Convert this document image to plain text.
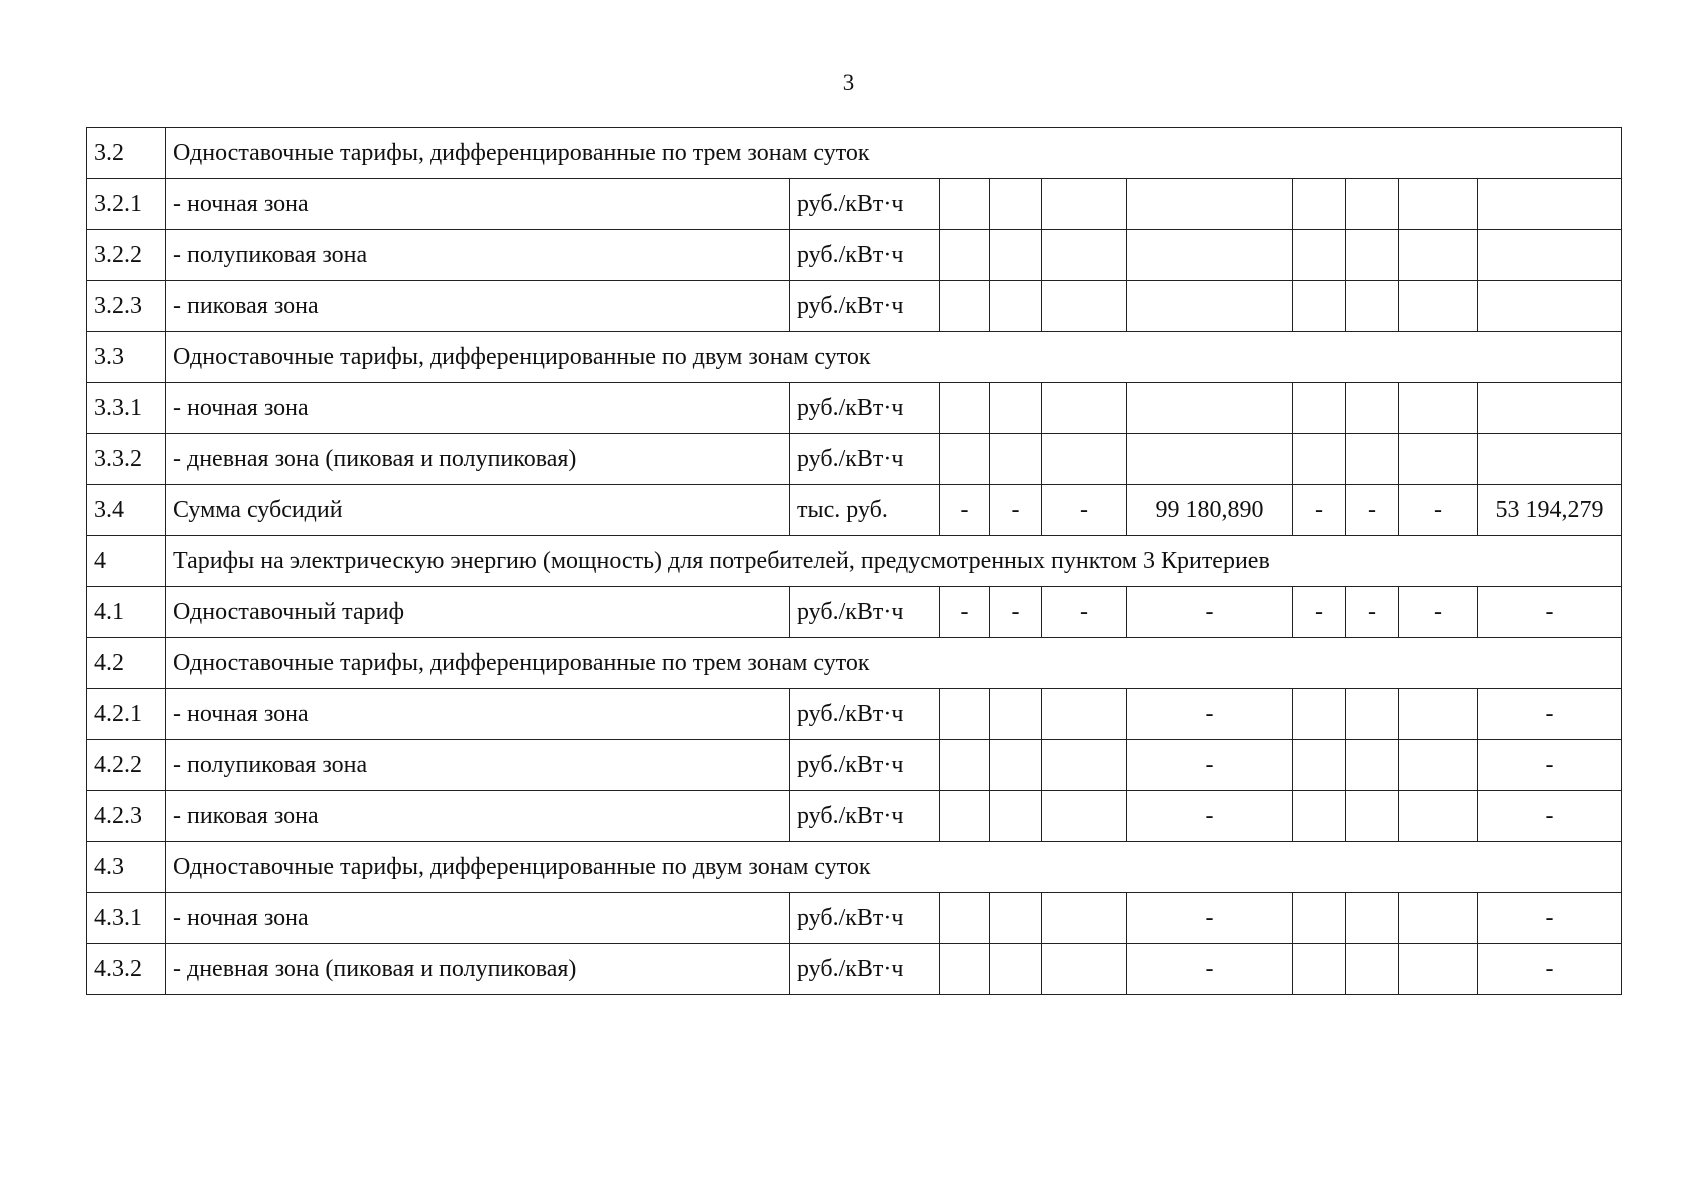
3
3.2	Одноставочные тарифы, дифференцированные по трем зонам суток									
3.2.1	- ночная зона	руб./кВт·ч								
3.2.2	- полупиковая зона	руб./кВт·ч								
3.2.3	- пиковая зона	руб./кВт·ч								
3.3	Одноставочные тарифы, дифференцированные по двум зонам суток									
3.3.1	- ночная зона	руб./кВт·ч								
3.3.2	- дневная зона (пиковая и полупиковая)	руб./кВт·ч								
3.4	Сумма субсидий	тыс. руб.	-	-	-	99 180,890	-	-	-	53 194,279
4	Тарифы на электрическую энергию (мощность) для потребителей, предусмотренных пунктом 3 Критериев									
4.1	Одноставочный тариф	руб./кВт·ч	-	-	-	-	-	-	-	-
4.2	Одноставочные тарифы, дифференцированные по трем зонам суток									
4.2.1	- ночная зона	руб./кВт·ч				-				-
4.2.2	- полупиковая зона	руб./кВт·ч				-				-
4.2.3	- пиковая зона	руб./кВт·ч				-				-
4.3	Одноставочные тарифы, дифференцированные по двум зонам суток									
4.3.1	- ночная зона	руб./кВт·ч				-				-
4.3.2	- дневная зона (пиковая и полупиковая)	руб./кВт·ч				-				-
